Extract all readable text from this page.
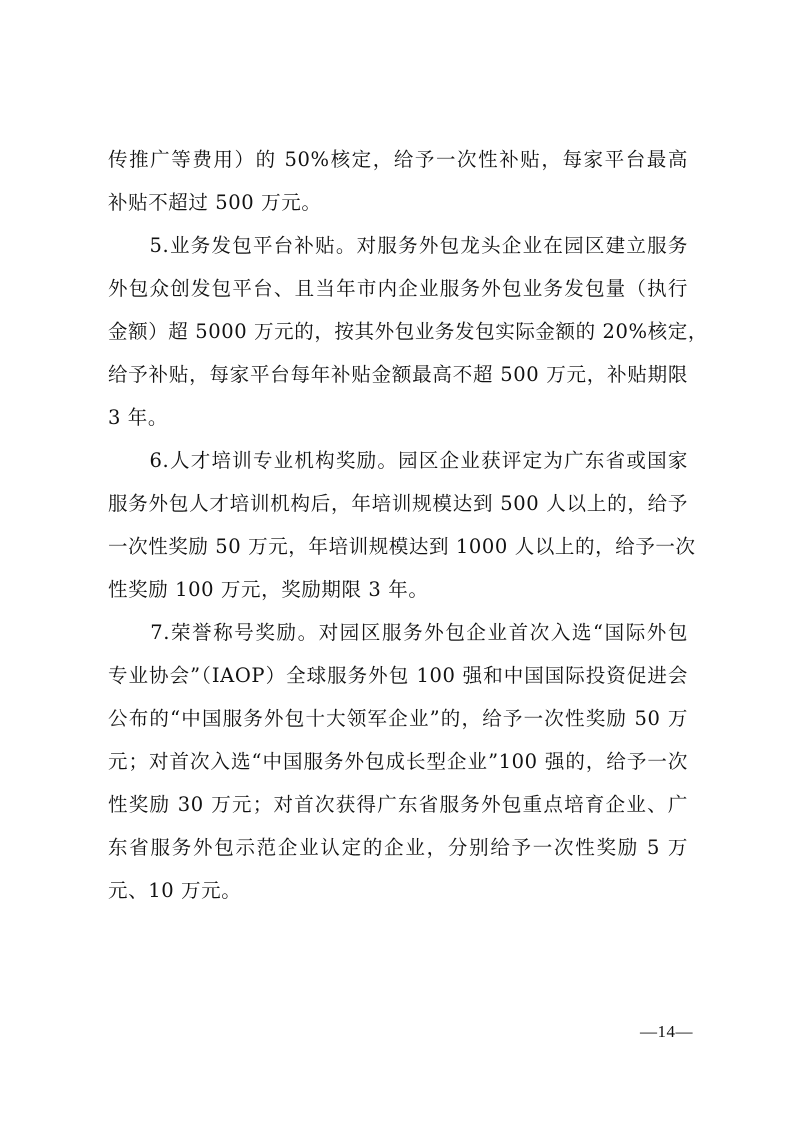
传推广等费用）的 50%核定，给予一次性补贴，每家平台最高
补贴不超过 500 万元。
　　5.业务发包平台补贴。对服务外包龙头企业在园区建立服务
外包众创发包平台、且当年市内企业服务外包业务发包量（执行
金额）超 5000 万元的，按其外包业务发包实际金额的 20%核定，
给予补贴，每家平台每年补贴金额最高不超 500 万元，补贴期限
3 年。
　　6.人才培训专业机构奖励。园区企业获评定为广东省或国家
服务外包人才培训机构后，年培训规模达到 500 人以上的，给予
一次性奖励 50 万元，年培训规模达到 1000 人以上的，给予一次
性奖励 100 万元，奖励期限 3 年。
　　7.荣誉称号奖励。对园区服务外包企业首次入选“国际外包
专业协会”（IAOP）全球服务外包 100 强和中国国际投资促进会
公布的“中国服务外包十大领军企业”的，给予一次性奖励 50 万
元；对首次入选“中国服务外包成长型企业”100 强的，给予一次
性奖励 30 万元；对首次获得广东省服务外包重点培育企业、广
东省服务外包示范企业认定的企业，分别给予一次性奖励 5 万
元、10 万元。
—14—
